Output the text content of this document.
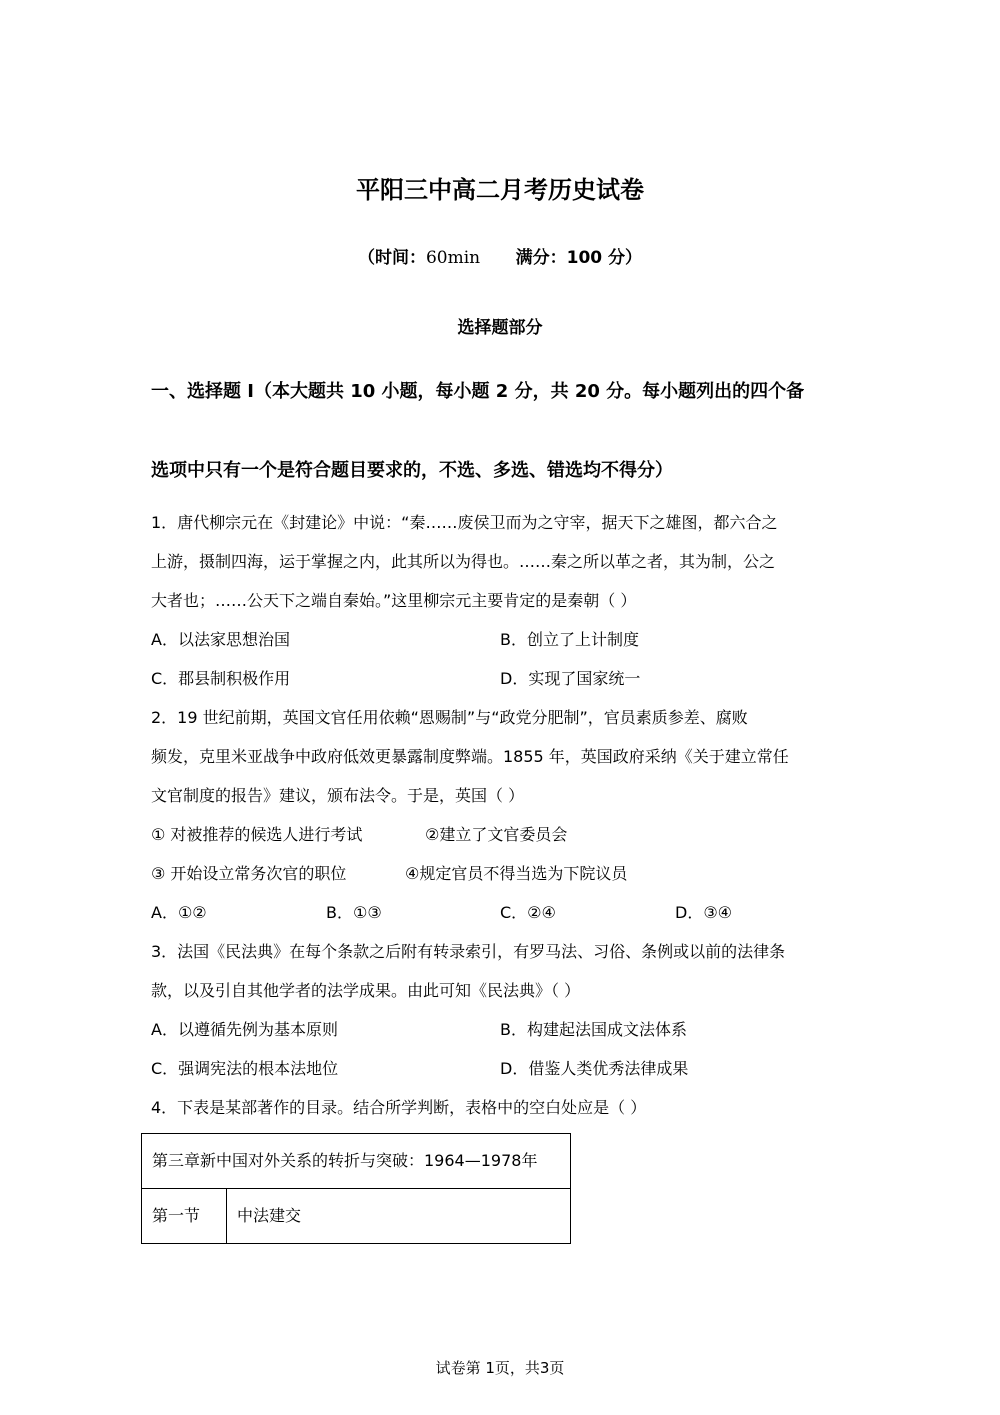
平阳三中高二月考历史试卷
（时间：60min 满分：100 分）
选择题部分
一、选择题 I（本大题共 10 小题，每小题 2 分，共 20 分。每小题列出的四个备
选项中只有一个是符合题目要求的，不选、多选、错选均不得分）
1．唐代柳宗元在《封建论》中说：“秦……废侯卫而为之守宰，据天下之雄图，都六合之
上游，摄制四海，运于掌握之内，此其所以为得也。……秦之所以革之者，其为制，公之
大者也；……公天下之端自秦始。”这里柳宗元主要肯定的是秦朝（ ）
A．以法家思想治国	B．创立了上计制度
C．郡县制积极作用	D．实现了国家统一
2．19 世纪前期，英国文官任用依赖“恩赐制”与“政党分肥制”，官员素质参差、腐败
频发，克里米亚战争中政府低效更暴露制度弊端。1855 年，英国政府采纳《关于建立常任
文官制度的报告》建议，颁布法令。于是，英国（ ）
① 对被推荐的候选人进行考试	②建立了文官委员会
③ 开始设立常务次官的职位	④规定官员不得当选为下院议员
A．①②	B．①③	C．②④	D．③④
3．法国《民法典》在每个条款之后附有转录索引，有罗马法、习俗、条例或以前的法律条
款，以及引自其他学者的法学成果。由此可知《民法典》（ ）
A．以遵循先例为基本原则	B．构建起法国成文法体系
C．强调宪法的根本法地位	D．借鉴人类优秀法律成果
4．下表是某部著作的目录。结合所学判断，表格中的空白处应是（ ）
第三章新中国对外关系的转折与突破：1964—1978年
第一节	中法建交
试卷第 1页，共3页
